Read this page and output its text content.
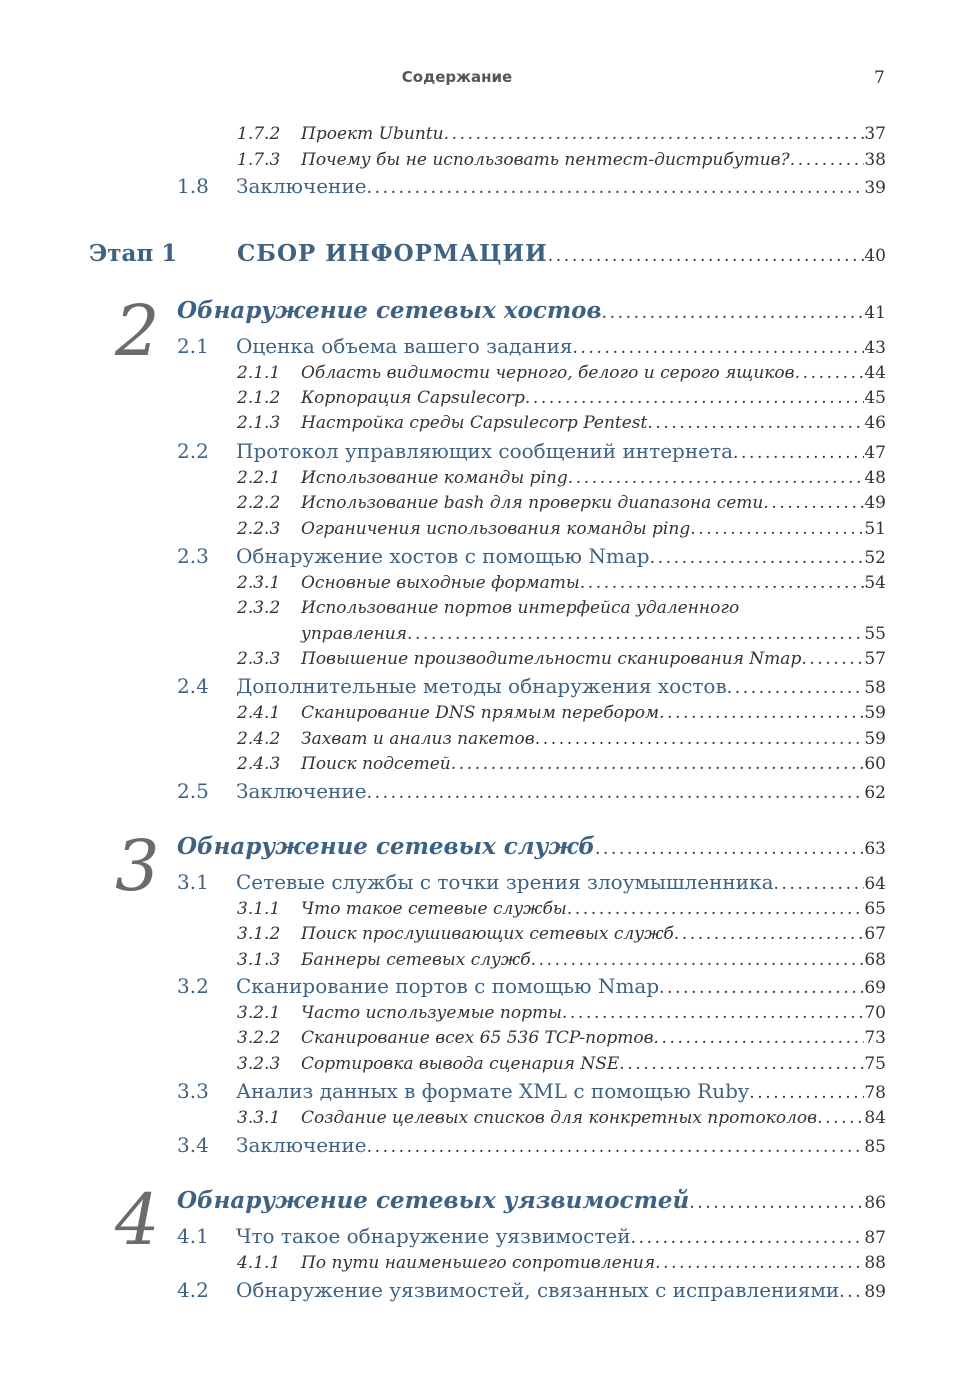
Содержание	7
1.7.2	Проект Ubuntu . . .	37
1.7.3	Почему бы не использовать пентест-дистрибутив? . . .	38
1.8	Заключение . . .	39
Этап 1	СБОР ИНФОРМАЦИИ . . .	40
2 Обнаружение сетевых хостов . . .	41
2.1	Оценка объема вашего задания . . .	43
2.1.1	Область видимости черного, белого и серого ящиков . . .	44
2.1.2	Корпорация Capsulecorp . . .	45
2.1.3	Настройка среды Capsulecorp Pentest . . .	46
2.2	Протокол управляющих сообщений интернета . . .	47
2.2.1	Использование команды ping . . .	48
2.2.2	Использование bash для проверки диапазона сети . . .	49
2.2.3	Ограничения использования команды ping . . .	51
2.3	Обнаружение хостов с помощью Nmap . . .	52
2.3.1	Основные выходные форматы . . .	54
2.3.2 Использование портов интерфейса удаленного
управления . . .	55
2.3.3	Повышение производительности сканирования Nmap . . .	57
2.4	Дополнительные методы обнаружения хостов . . .	58
2.4.1	Сканирование DNS прямым перебором . . .	59
2.4.2	Захват и анализ пакетов . . .	59
2.4.3	Поиск подсетей . . .	60
2.5	Заключение . . .	62
3 Обнаружение сетевых служб . . .	63
3.1	Сетевые службы с точки зрения злоумышленника . . .	64
3.1.1	Что такое сетевые службы . . .	65
3.1.2	Поиск прослушивающих сетевых служб . . .	67
3.1.3	Баннеры сетевых служб . . .	68
3.2	Сканирование портов с помощью Nmap . . .	69
3.2.1	Часто используемые порты . . .	70
3.2.2	Сканирование всех 65 536 TCP-портов . . .	73
3.2.3	Сортировка вывода сценария NSE . . .	75
3.3	Анализ данных в формате XML с помощью Ruby . . .	78
3.3.1	Создание целевых списков для конкретных протоколов . . .	84
3.4	Заключение . . .	85
4 Обнаружение сетевых уязвимостей . . .	86
4.1	Что такое обнаружение уязвимостей . . .	87
4.1.1	По пути наименьшего сопротивления . . .	88
4.2	Обнаружение уязвимостей, связанных с исправлениями . . . 89
